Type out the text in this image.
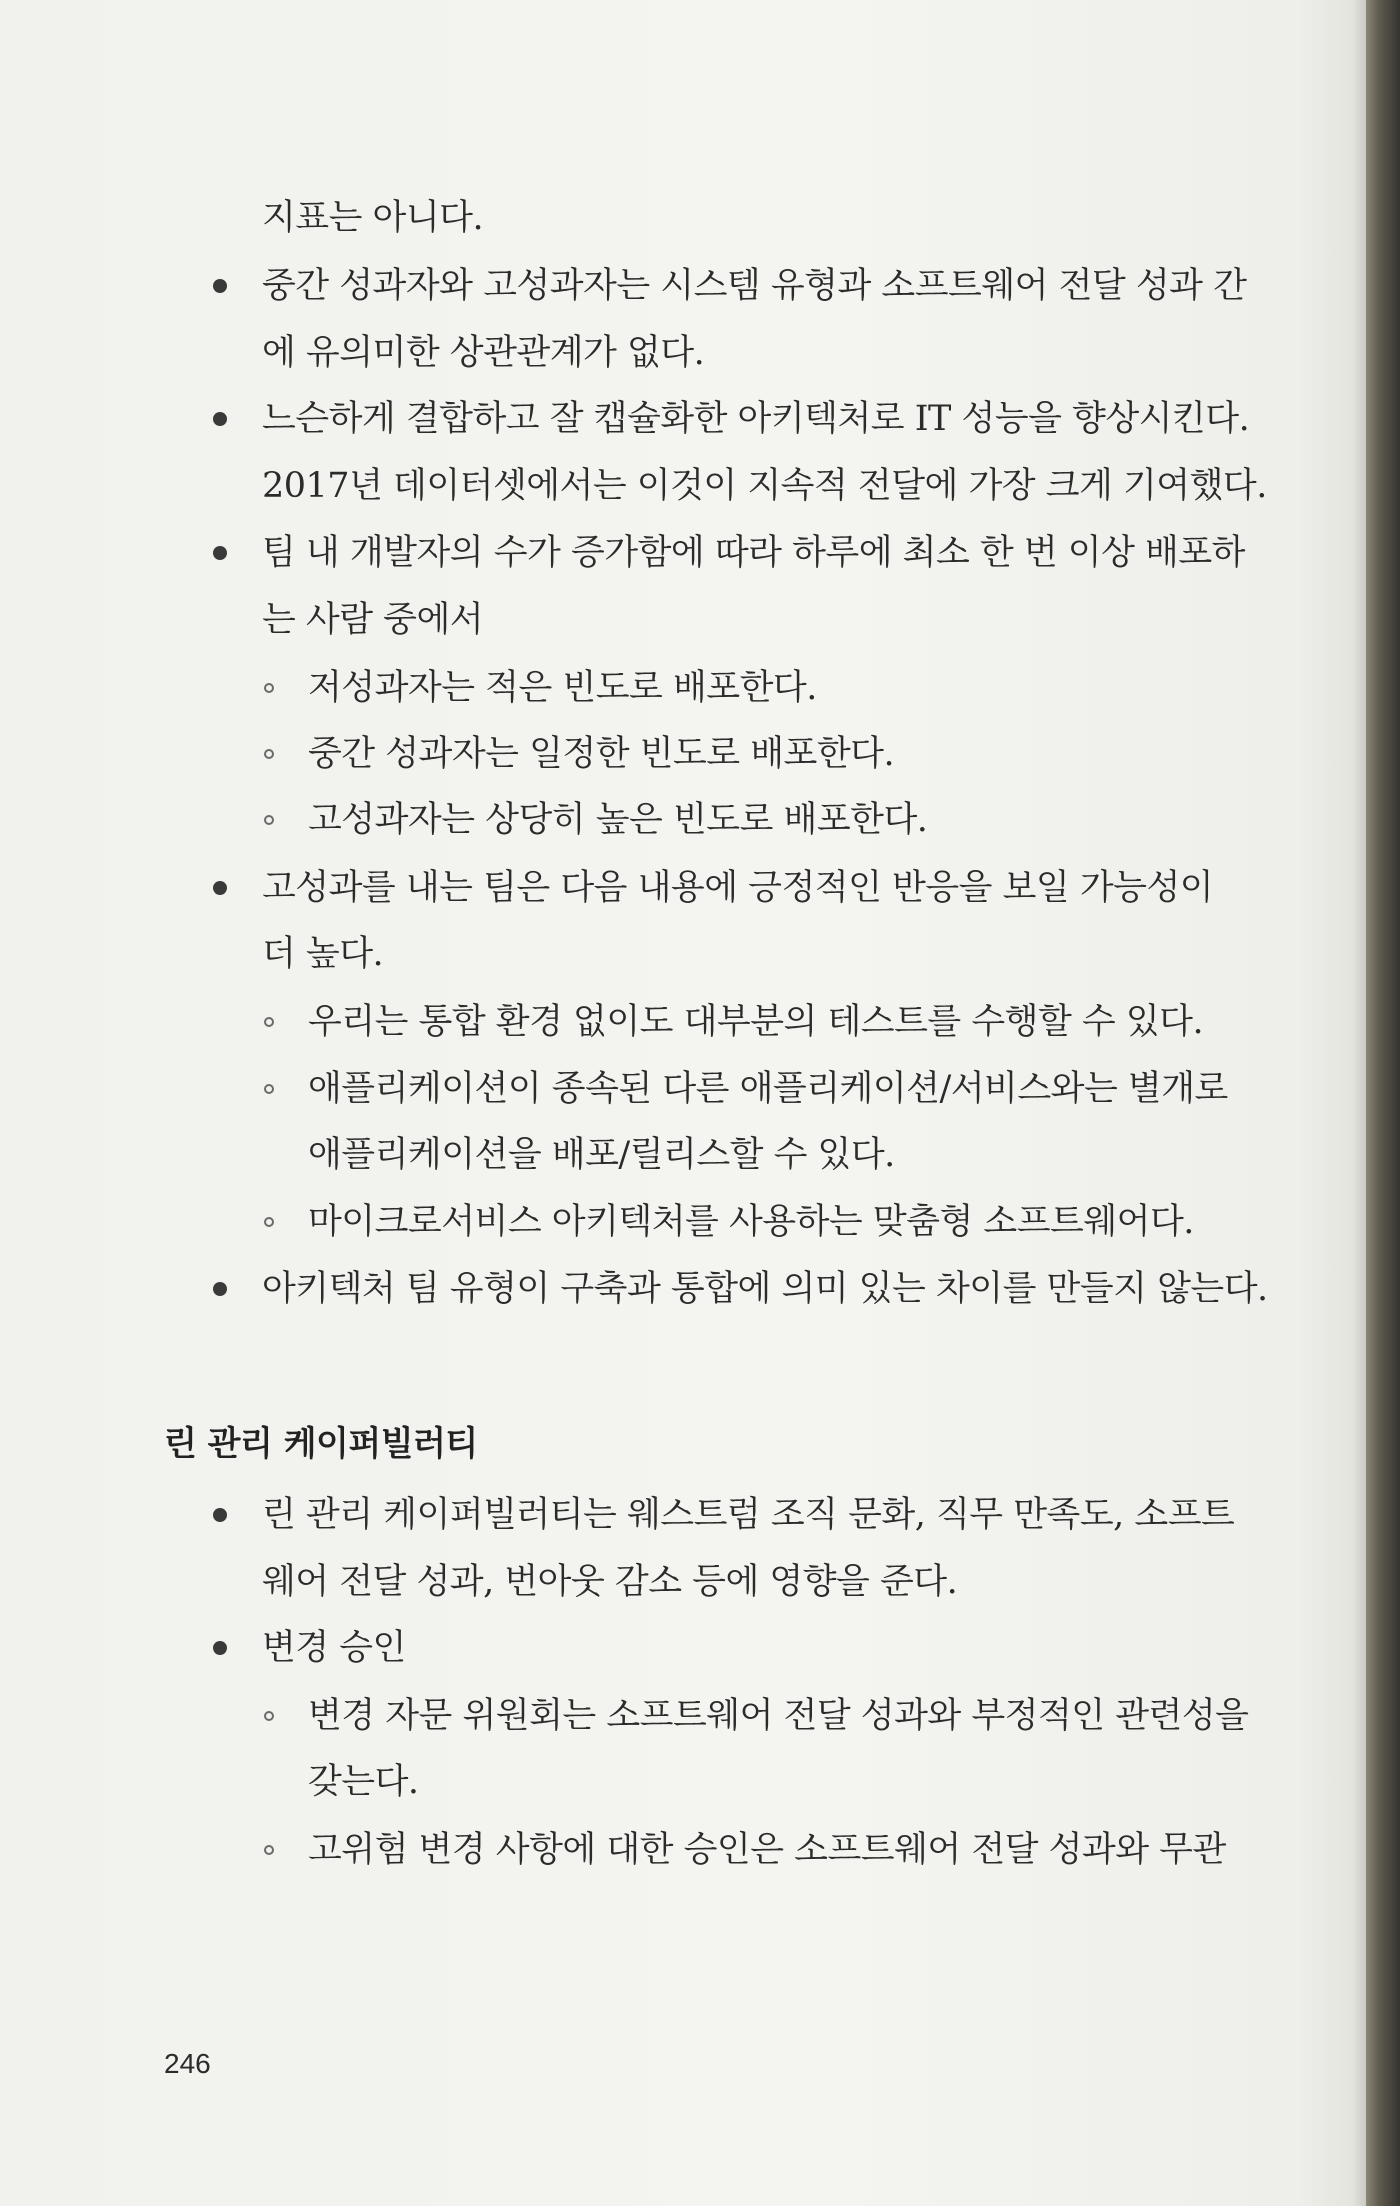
지표는 아니다.
중간 성과자와 고성과자는 시스템 유형과 소프트웨어 전달 성과 간
에 유의미한 상관관계가 없다.
느슨하게 결합하고 잘 캡슐화한 아키텍처로 IT 성능을 향상시킨다.
2017년 데이터셋에서는 이것이 지속적 전달에 가장 크게 기여했다.
팀 내 개발자의 수가 증가함에 따라 하루에 최소 한 번 이상 배포하
는 사람 중에서
저성과자는 적은 빈도로 배포한다.
중간 성과자는 일정한 빈도로 배포한다.
고성과자는 상당히 높은 빈도로 배포한다.
고성과를 내는 팀은 다음 내용에 긍정적인 반응을 보일 가능성이
더 높다.
우리는 통합 환경 없이도 대부분의 테스트를 수행할 수 있다.
애플리케이션이 종속된 다른 애플리케이션/서비스와는 별개로
애플리케이션을 배포/릴리스할 수 있다.
마이크로서비스 아키텍처를 사용하는 맞춤형 소프트웨어다.
아키텍처 팀 유형이 구축과 통합에 의미 있는 차이를 만들지 않는다.
린 관리 케이퍼빌러티
린 관리 케이퍼빌러티는 웨스트럼 조직 문화, 직무 만족도, 소프트
웨어 전달 성과, 번아웃 감소 등에 영향을 준다.
변경 승인
변경 자문 위원회는 소프트웨어 전달 성과와 부정적인 관련성을
갖는다.
고위험 변경 사항에 대한 승인은 소프트웨어 전달 성과와 무관
246
